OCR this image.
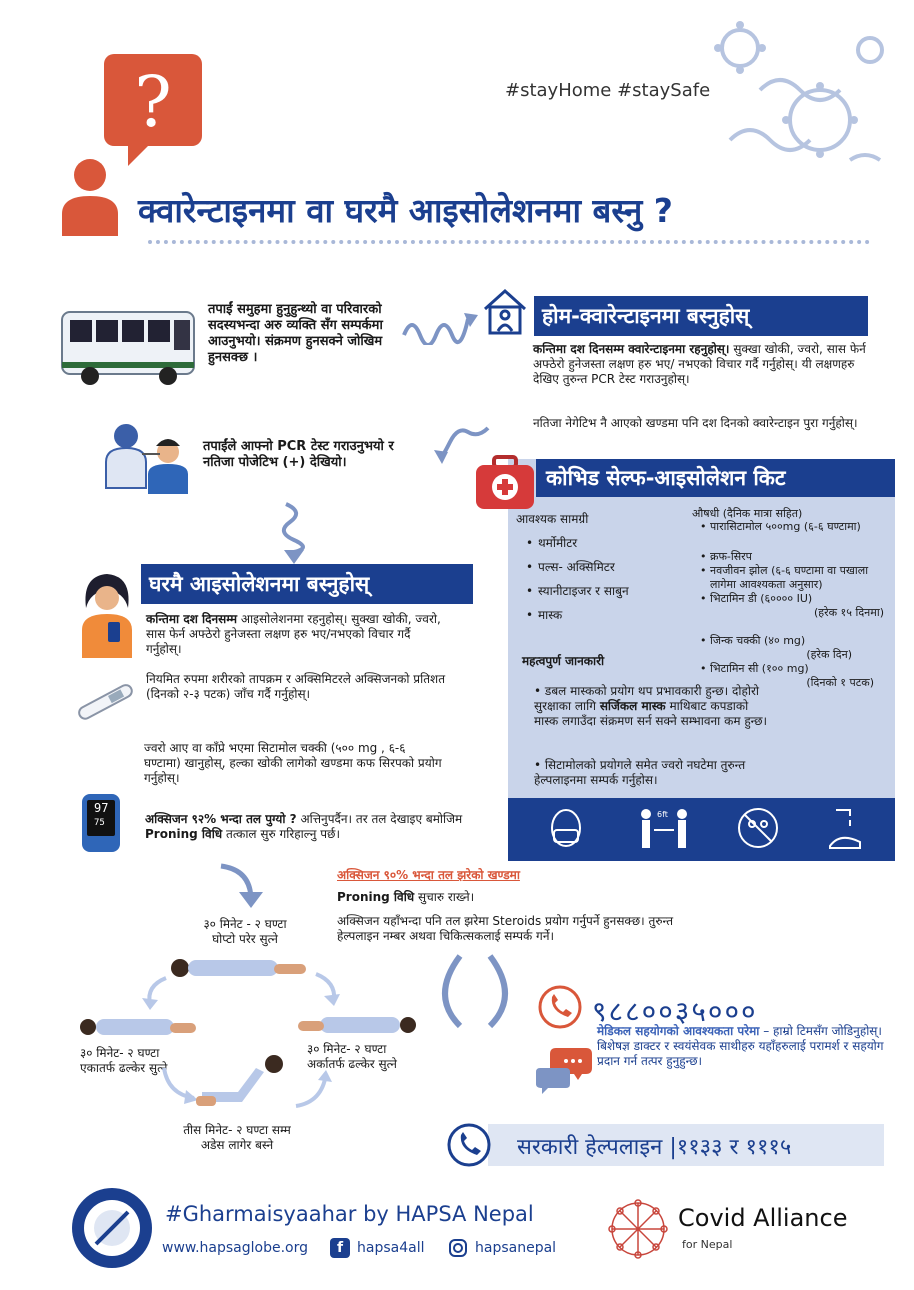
?	#stayHome #staySafe
क्वारेन्टाइनमा वा घरमै आइसोलेशनमा बस्नु ?
तपाईं समुहमा हुनुहुन्थ्यो वा परिवारको सदस्यभन्दा अरु व्यक्ति सँग सम्पर्कमा आउनुभयो। संक्रमण हुनसक्ने जोखिम हुनसक्छ ।
होम-क्वारेन्टाइनमा बस्नुहोस्
कन्तिमा दश दिनसम्म क्वारेन्टाइनमा रहनुहोस्। सुक्खा खोकी, ज्वरो, सास फेर्न अफ्ठेरो हुनेजस्ता लक्षण हरु भए/ नभएको विचार गर्दै गर्नुहोस्। यी लक्षणहरु देखिए तुरुन्त PCR टेस्ट गराउनुहोस्।
नतिजा नेगेटिभ नै आएको खण्डमा पनि दश दिनको क्वारेन्टाइन पुरा गर्नुहोस्।
तपाईंले आफ्नो PCR टेस्ट गराउनुभयो र नतिजा पोजेटिभ (+) देखियो।
कोभिड सेल्फ-आइसोलेशन किट
आवश्यक सामग्री
• थर्मोमीटर
• पल्स- अक्सिमिटर
• स्यानीटाइजर र साबुन
• मास्क
औषधी (दैनिक मात्रा सहित)
• पारासिटामोल ५००mg (६-६ घण्टामा)
• क्रफ-सिरप
• नवजीवन झोल (६-६ घण्टामा वा पखाला लागेमा आवश्यकता अनुसार)
• भिटामिन डी (६०००० IU)
(हरेक १५ दिनमा)
• जिन्क चक्की (४० mg)
(हरेक दिन)
• भिटामिन सी (१०० mg)
(दिनको १ पटक)
महत्वपुर्ण जानकारी
• डबल मास्कको प्रयोग थप प्रभावकारी हुन्छ। दोहोरो सुरक्षाका लागि सर्जिकल मास्क माथिबाट कपडाको मास्क लगाउँदा संक्रमण सर्न सक्ने सम्भावना कम हुन्छ।
• सिटामोलको प्रयोगले समेत ज्वरो नघटेमा तुरुन्त हेल्पलाइनमा सम्पर्क गर्नुहोस।
6ft
घरमै आइसोलेशनमा बस्नुहोस्
कन्तिमा दश दिनसम्म आइसोलेशनमा रहनुहोस्। सुक्खा खोकी, ज्वरो, सास फेर्न अफ्ठेरो हुनेजस्ता लक्षण हरु भए/नभएको विचार गर्दै गर्नुहोस्।
नियमित रुपमा शरीरको तापक्रम र अक्सिमिटरले अक्सिजनको प्रतिशत (दिनको २-३ पटक) जाँच गर्दै गर्नुहोस्।
ज्वरो आए वा काँप्रे भएमा सिटामोल चक्की (५०० mg , ६-६ घण्टामा) खानुहोस्, हल्का खोकी लागेको खण्डमा कफ सिरपको प्रयोग गर्नुहोस्।
97
75	अक्सिजन ९२% भन्दा तल पुग्यो ? अत्तिनुपर्दैन। तर तल देखाइए बमोजिम Proning विधि तत्काल सुरु गरिहाल्नु पर्छ।
अक्सिजन ९०% भन्दा तल झरेको खण्डमा
Proning विधि सुचारु राख्ने।
अक्सिजन यहाँभन्दा पनि तल झरेमा Steroids प्रयोग गर्नुपर्ने हुनसक्छ। तुरुन्त हेल्पलाइन नम्बर अथवा चिकित्सकलाई सम्पर्क गर्ने।
३० मिनेट - २ घण्टा घोप्टो परेर सुत्ने
३० मिनेट- २ घण्टा एकातर्फ ढल्केर सुत्ने
३० मिनेट- २ घण्टा अर्कातर्फ ढल्केर सुत्ने
तीस मिनेट- २ घण्टा सम्म अडेस लागेर बस्ने
९८८००३५०००
मेडिकल सहयोगको आवश्यकता परेमा – हाम्रो टिमसँग जोडिनुहोस्। बिशेषज्ञ डाक्टर र स्वयंसेवक साथीहरु यहाँहरुलाई परामर्श र सहयोग प्रदान गर्न तत्पर हुनुहुन्छ।
सरकारी हेल्पलाइन |११३३ र १११५
#Gharmaisyaahar by HAPSA Nepal
www.hapsaglobe.org	f hapsa4all	hapsanepal
Covid Alliance
for Nepal
